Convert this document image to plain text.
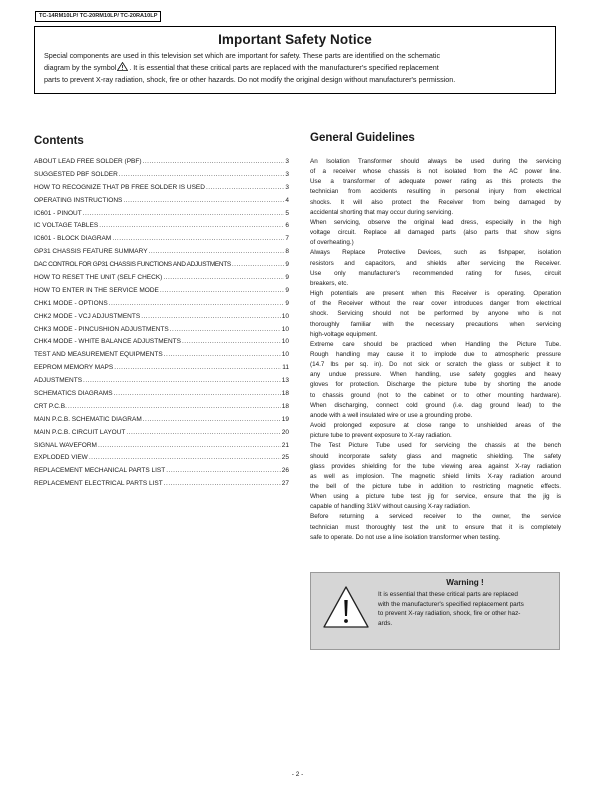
TC-14RM10LP/ TC-20RM10LP/ TC-20RA10LP
Important Safety Notice
Special components are used in this television set which are important for safety. These parts are identified on the schematic
diagram by the symbol . It is essential that these critical parts are replaced with the manufacturer's specified replacement
parts to prevent X-ray radiation, shock, fire or other hazards. Do not modify the original design without manufacturer's permission.
Contents
ABOUT LEAD FREE SOLDER (PBF) .....	3
SUGGESTED PBF SOLDER .....	3
HOW TO RECOGNIZE THAT PB FREE SOLDER IS USED .....	3
OPERATING INSTRUCTIONS .....	4
IC601 - PINOUT .....	5
IC VOLTAGE TABLES .....	6
IC601 - BLOCK DIAGRAM .....	7
GP31 CHASSIS FEATURE SUMMARY .....	8
DAC CONTROL FOR GP31 CHASSIS FUNCTIONS AND ADJUSTMENTS .....	9
HOW TO RESET THE UNIT (SELF CHECK) .....	9
HOW TO ENTER IN THE SERVICE MODE .....	9
CHK1 MODE - OPTIONS .....	9
CHK2 MODE - VCJ ADJUSTMENTS .....	10
CHK3 MODE - PINCUSHION ADJUSTMENTS .....	10
CHK4 MODE - WHITE BALANCE ADJUSTMENTS .....	10
TEST AND MEASUREMENT EQUIPMENTS .....	10
EEPROM MEMORY MAPS .....	11
ADJUSTMENTS .....	13
SCHEMATICS DIAGRAMS .....	18
CRT P.C.B. .....	18
MAIN P.C.B. SCHEMATIC DIAGRAM .....	19
MAIN P.C.B. CIRCUIT LAYOUT .....	20
SIGNAL WAVEFORM .....	21
EXPLODED VIEW .....	25
REPLACEMENT MECHANICAL PARTS LIST .....	26
REPLACEMENT ELECTRICAL PARTS LIST .....	27
General Guidelines
An Isolation Transformer should always be used during the servicing
of a receiver whose chassis is not isolated from the AC power line.
Use a transformer of adequate power rating as this protects the
technician from accidents resulting in personal injury from electrical
shocks. It will also protect the Receiver from being damaged by
accidental shorting that may occur during servicing.
When servicing, observe the original lead dress, especially in the high
voltage circuit. Replace all damaged parts (also parts that show signs
of overheating.)
Always Replace Protective Devices, such as fishpaper, isolation
resistors and capacitors, and shields after servicing the Receiver.
Use only manufacturer's recommended rating for fuses, circuit
breakers, etc.
High potentials are present when this Receiver is operating. Operation
of the Receiver without the rear cover introduces danger from electrical
shock. Servicing should not be performed by anyone who is not
thoroughly familiar with the necessary precautions when servicing
high-voltage equipment.
Extreme care should be practiced when Handling the Picture Tube.
Rough handling may cause it to implode due to atmospheric pressure
(14.7 lbs per sq. in). Do not sick or scratch the glass or subject it to
any undue pressure. When handling, use safety goggles and heavy
gloves for protection. Discharge the picture tube by shorting the anode
to chassis ground (not to the cabinet or to other mounting hardware).
When discharging, connect cold ground (i.e. dag ground lead) to the
anode with a well insulated wire or use a grounding probe.
Avoid prolonged exposure at close range to unshielded areas of the
picture tube to prevent exposure to X-ray radiation.
The Test Picture Tube used for servicing the chassis at the bench
should incorporate safety glass and magnetic shielding. The safety
glass provides shielding for the tube viewing area against X-ray radiation
as well as implosion. The magnetic shield limits X-ray radiation around
the bell of the picture tube in addition to restricting magnetic effects.
When using a picture tube test jig for service, ensure that the jig is
capable of handling 31kV without causing X-ray radiation.
Before returning a serviced receiver to the owner, the service
technician must thoroughly test the unit to ensure that it is completely
safe to operate. Do not use a line isolation transformer when testing.
Warning !
It is essential that these critical parts are replaced
with the manufacturer's specified replacement parts
to prevent X-ray radiation, shock, fire or other haz-
ards.
- 2 -
